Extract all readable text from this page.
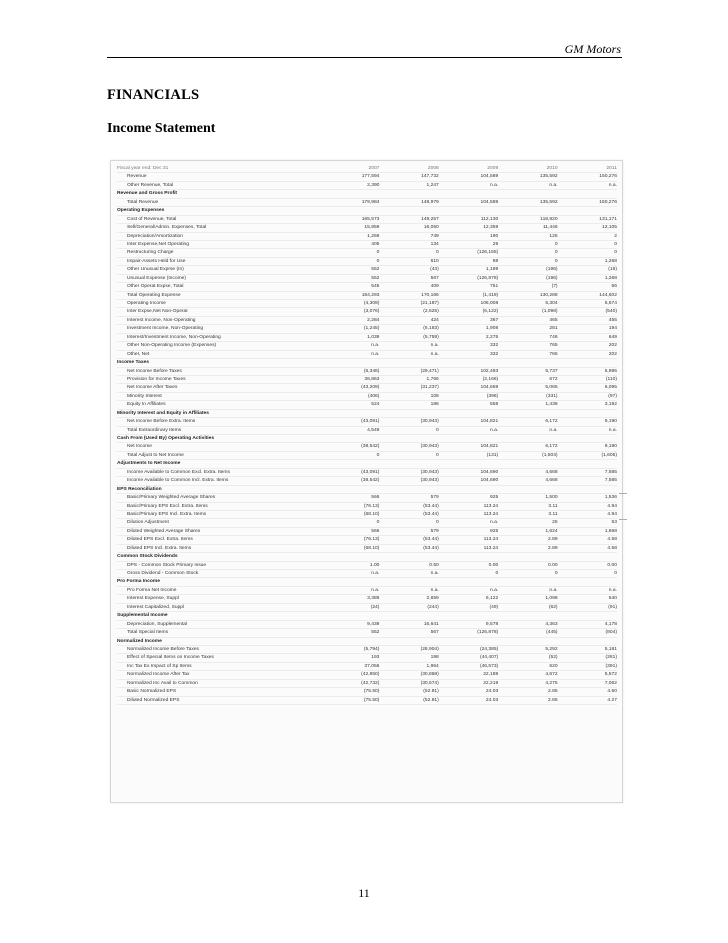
GM Motors
FINANCIALS
Income Statement
Fiscal year end: Dec 31	2007	2008	2009	2010	2011
Revenue	177,594	147,732	104,589	135,592	150,276
Other Revenue, Total	2,390	1,247	n.a.	n.a.	n.a.
Revenue and Gross Profit
Total Revenue	179,984	148,979	104,589	135,592	150,276
Operating Expenses
Cost of Revenue, Total	165,573	149,257	112,130	118,920	131,171
Sell/General/Admin. Expenses, Total	15,959	16,050	12,359	11,446	12,105
Depreciation/Amortization	1,259	749	190	125	2
Inter Expense,Net Operating	405	134	29	0	0
Restructuring Charge	0	0	(126,155)	0	0
Impair-Assets Held for Use	0	610	88	0	1,268
Other Unusual Exprse (In)	552	(43)	1,189	(196)	(18)
Unusual Expense (Income)	552	567	(126,878)	(196)	1,268
Other Operat Expse, Total	545	409	751	(7)	56
Total Operating Expense	184,293	170,166	(1,419)	130,288	144,602
Operating Income	(4,309)	(21,187)	106,008	5,304	5,674
Inter Expse,Net Non-Operat	(3,076)	(2,525)	(6,122)	(1,098)	(540)
Interest Income, Non-Operating	2,284	424	367	465	455
Investment Income, Non-Operating	(1,245)	(6,183)	1,908	281	194
Interest/Investment Income, Non-Operating	1,039	(5,759)	2,275	746	649
Other Non-Operating Income (Expenses)	n.a.	n.a.	332	765	202
Other, Net	n.a.	n.a.	332	765	202
Income Taxes
Net Income Before Taxes	(6,346)	(29,471)	102,493	5,737	5,985
Provision for Income Taxes	36,863	1,766	(2,166)	672	(110)
Net Income After Taxes	(43,209)	(31,237)	104,659	5,065	6,095
Minority Interest	(406)	108	(396)	(331)	(97)
Equity In Affiliates	524	186	558	1,438	3,192
Minority Interest and Equity in Affiliates
Net Income Before Extra. Items	(43,091)	(30,943)	104,821	6,172	9,190
Total Extraordinary Items	4,549	0	n.a.	n.a.	n.a.
Cash From (Used By) Operating Activities
Net Income	(38,542)	(30,943)	104,821	6,172	9,190
Total Adjust to Net Income	0	0	(131)	(1,504)	(1,605)
Adjustments to Net Income
Income Available to Common Excl. Extra. Items	(43,091)	(30,943)	104,690	4,668	7,585
Income Available to Common Incl. Extra. Items	(38,542)	(30,943)	104,690	4,668	7,585
EPS Reconciliation
Basic/Primary Weighted Average Shares	566	579	925	1,500	1,536
Basic/Primary EPS Excl. Extra. Items	(76.13)	(53.44)	113.24	3.11	4.94
Basic/Primary EPS Incl. Extra. Items	(68.10)	(53.44)	113.24	3.11	4.94
Dilution Adjustment	0	0	n.a.	25	53
Diluted Weighted Average Shares	566	579	925	1,624	1,668
Diluted EPS Excl. Extra. Items	(76.13)	(53.44)	113.24	2.89	4.58
Diluted EPS Incl. Extra. Items	(68.10)	(53.44)	113.24	2.89	4.58
Common Stock Dividends
DPS - Common Stock Primary Issue	1.00	0.50	0.00	0.00	0.00
Gross Dividend - Common Stock	n.a.	n.a.	0	0	0
Pro Forma Income
Pro Forma Net Income	n.a.	n.a.	n.a.	n.a.	n.a.
Interest Expense, Suppl	3,389	2,659	6,122	1,098	540
Interest Capitalized, Suppl	(24)	(244)	(49)	(62)	(91)
Supplemental Income
Depreciation, Supplemental	9,439	16,641	9,578	4,363	4,178
Total Special Items	552	567	(126,878)	(445)	(804)
Normalized Income
Normalized Income Before Taxes	(5,794)	(28,904)	(24,385)	5,292	5,181
Effect of Special Items on Income Taxes	193	198	(44,407)	(52)	(281)
Inc Tax Ex Impact of Sp Items	37,056	1,964	(46,573)	620	(391)
Normalized Income After Tax	(42,850)	(30,868)	22,188	4,672	5,572
Normalized Inc Avail to Common	(42,732)	(30,574)	22,219	4,275	7,062
Basic Normalized EPS	(75.50)	(52.81)	24.03	2.85	4.60
Diluted Normalized EPS	(75.50)	(52.81)	24.03	2.65	4.27
11
